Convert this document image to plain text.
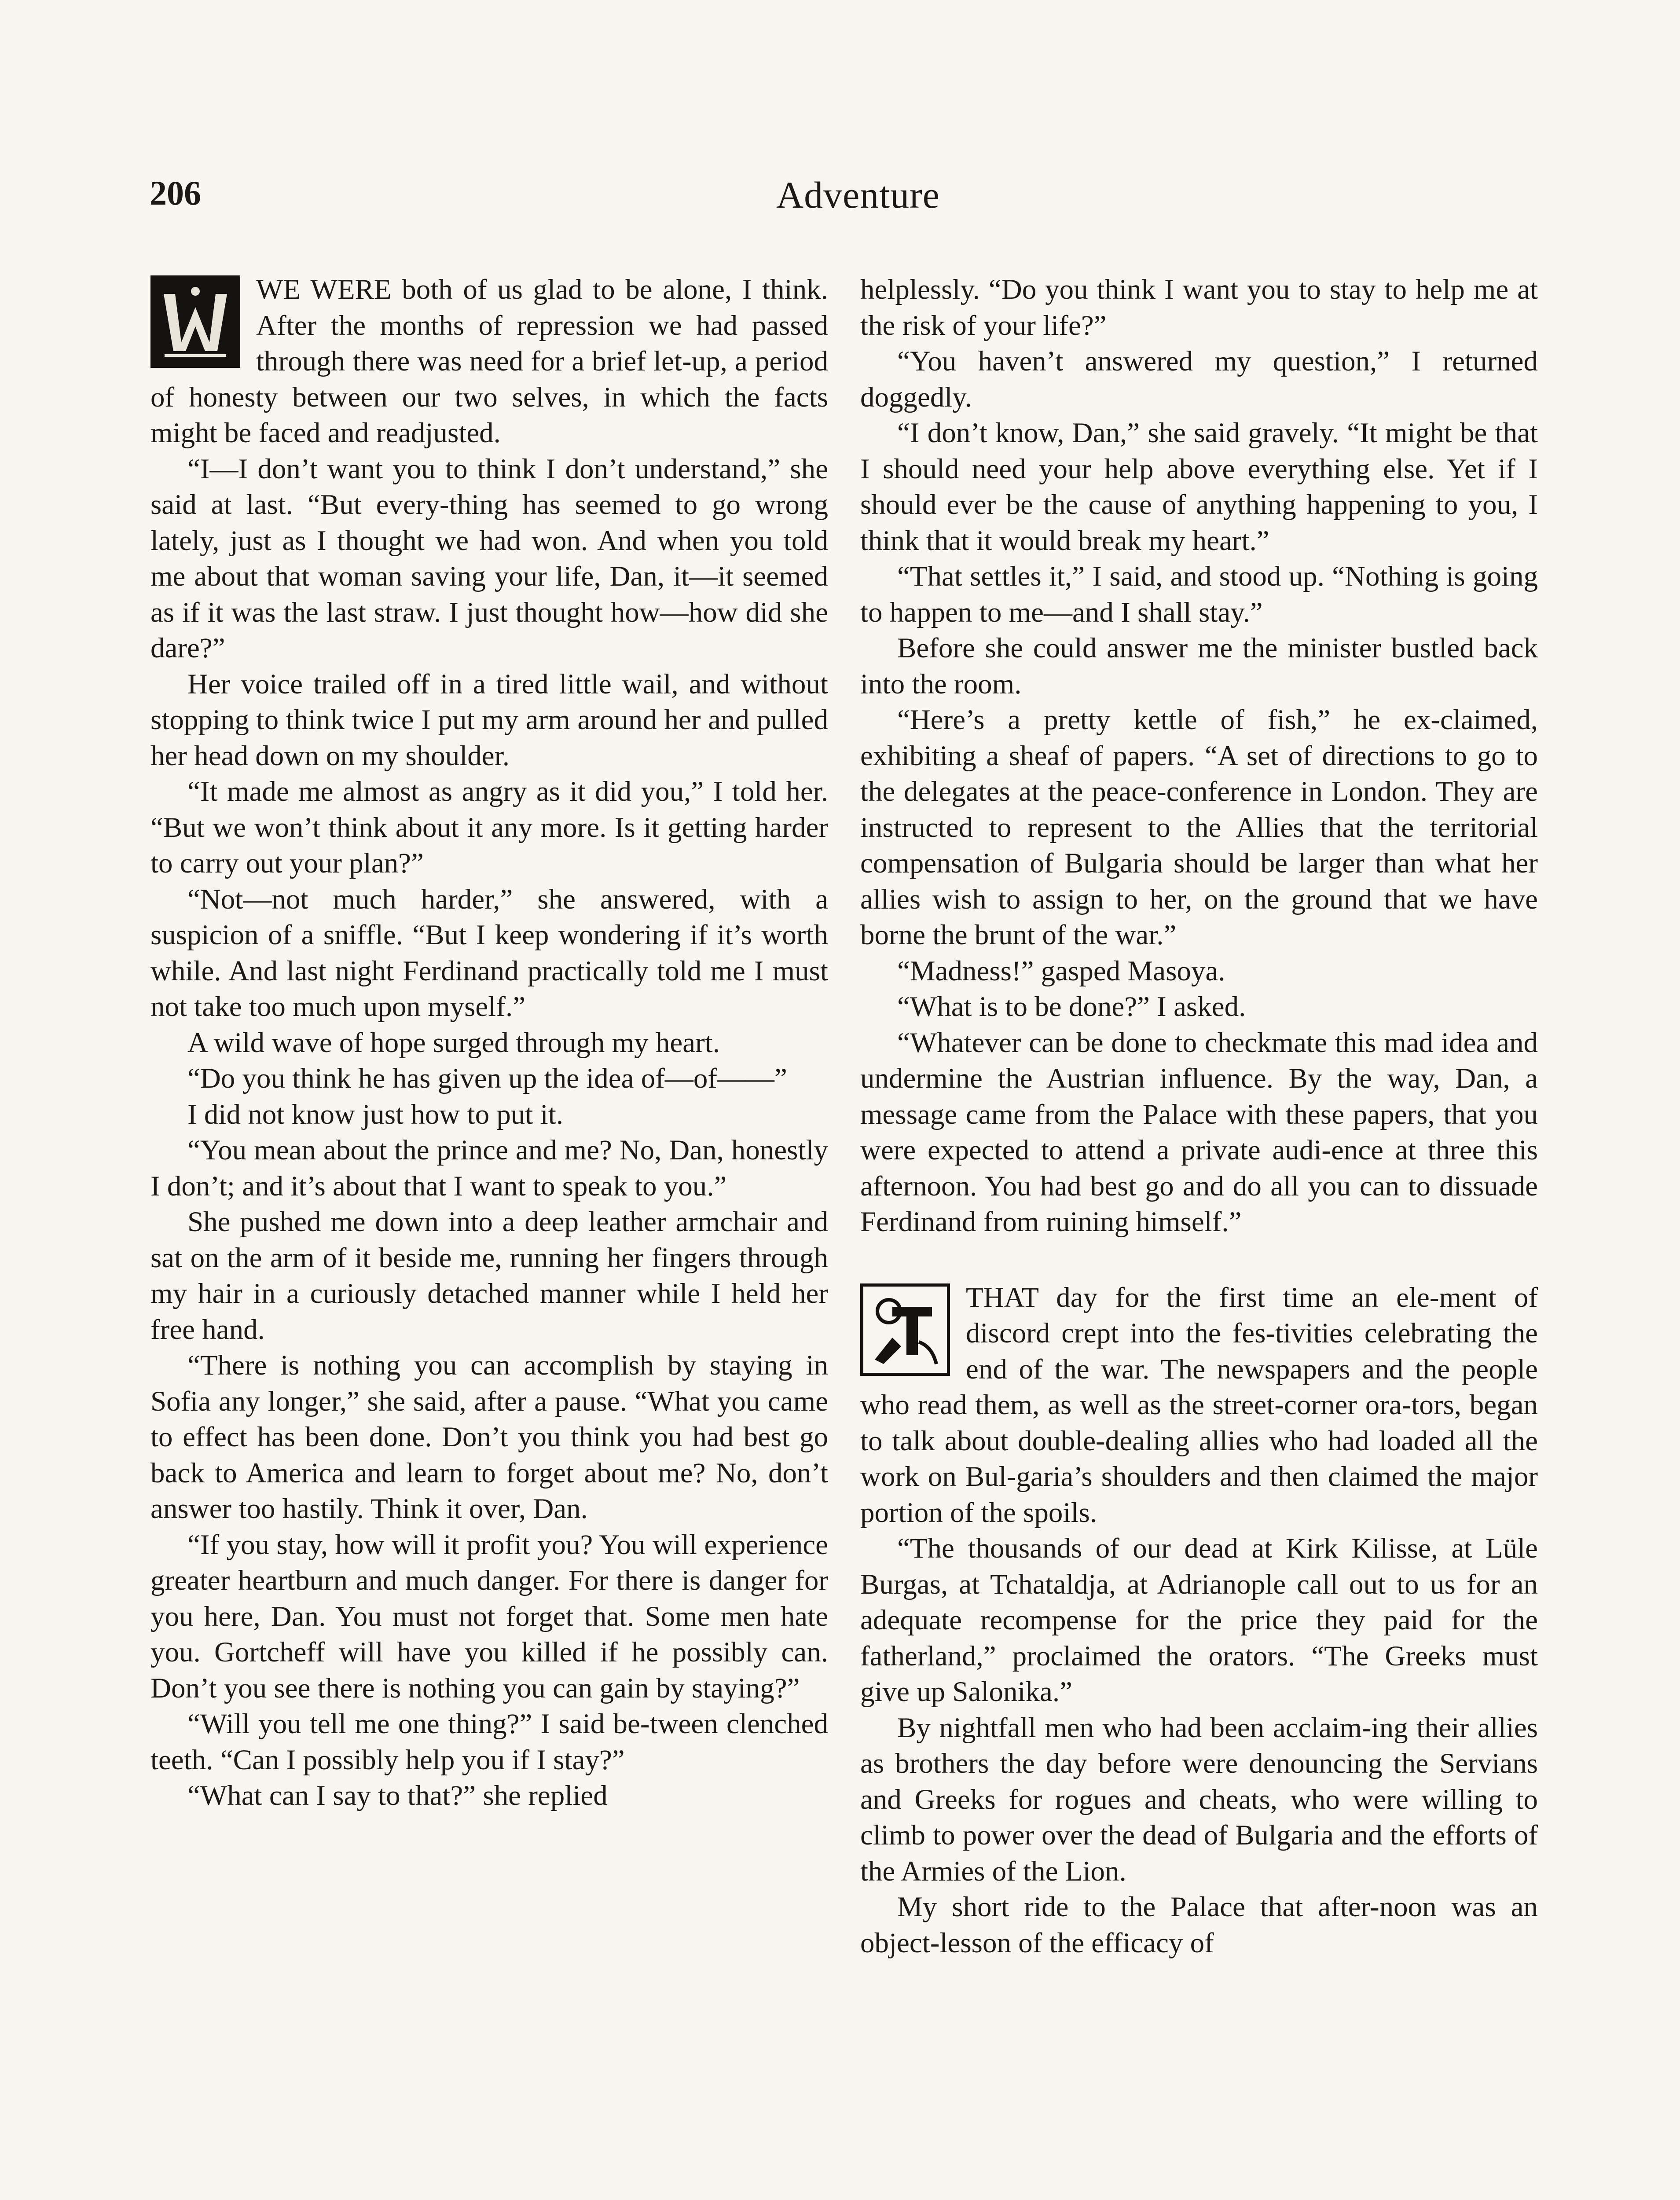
206	Adventure

WE WERE both of us glad to be alone, I think. After the months of repression we had passed through there was need for a brief let-up, a period of honesty between our two selves, in which the facts might be faced and readjusted.

“I—I don’t want you to think I don’t understand,” she said at last. “But every-thing has seemed to go wrong lately, just as I thought we had won. And when you told me about that woman saving your life, Dan, it—it seemed as if it was the last straw. I just thought how—how did she dare?”

Her voice trailed off in a tired little wail, and without stopping to think twice I put my arm around her and pulled her head down on my shoulder.

“It made me almost as angry as it did you,” I told her. “But we won’t think about it any more. Is it getting harder to carry out your plan?”

“Not—not much harder,” she answered, with a suspicion of a sniffle. “But I keep wondering if it’s worth while. And last night Ferdinand practically told me I must not take too much upon myself.”

A wild wave of hope surged through my heart.

“Do you think he has given up the idea of—of——”

I did not know just how to put it.

“You mean about the prince and me? No, Dan, honestly I don’t; and it’s about that I want to speak to you.”

She pushed me down into a deep leather armchair and sat on the arm of it beside me, running her fingers through my hair in a curiously detached manner while I held her free hand.

“There is nothing you can accomplish by staying in Sofia any longer,” she said, after a pause. “What you came to effect has been done. Don’t you think you had best go back to America and learn to forget about me? No, don’t answer too hastily. Think it over, Dan.

“If you stay, how will it profit you? You will experience greater heartburn and much danger. For there is danger for you here, Dan. You must not forget that. Some men hate you. Gortcheff will have you killed if he possibly can. Don’t you see there is nothing you can gain by staying?”

“Will you tell me one thing?” I said be-tween clenched teeth. “Can I possibly help you if I stay?”

“What can I say to that?” she replied

helplessly. “Do you think I want you to stay to help me at the risk of your life?”

“You haven’t answered my question,” I returned doggedly.

“I don’t know, Dan,” she said gravely. “It might be that I should need your help above everything else. Yet if I should ever be the cause of anything happening to you, I think that it would break my heart.”

“That settles it,” I said, and stood up. “Nothing is going to happen to me—and I shall stay.”

Before she could answer me the minister bustled back into the room.

“Here’s a pretty kettle of fish,” he ex-claimed, exhibiting a sheaf of papers. “A set of directions to go to the delegates at the peace-conference in London. They are instructed to represent to the Allies that the territorial compensation of Bulgaria should be larger than what her allies wish to assign to her, on the ground that we have borne the brunt of the war.”

“Madness!” gasped Masoya.

“What is to be done?” I asked.

“Whatever can be done to checkmate this mad idea and undermine the Austrian influence. By the way, Dan, a message came from the Palace with these papers, that you were expected to attend a private audi-ence at three this afternoon. You had best go and do all you can to dissuade Ferdinand from ruining himself.”

THAT day for the first time an ele-ment of discord crept into the fes-tivities celebrating the end of the war. The newspapers and the people who read them, as well as the street-corner ora-tors, began to talk about double-dealing allies who had loaded all the work on Bul-garia’s shoulders and then claimed the major portion of the spoils.

“The thousands of our dead at Kirk Kilisse, at Lüle Burgas, at Tchataldja, at Adrianople call out to us for an adequate recompense for the price they paid for the fatherland,” proclaimed the orators. “The Greeks must give up Salonika.”

By nightfall men who had been acclaim-ing their allies as brothers the day before were denouncing the Servians and Greeks for rogues and cheats, who were willing to climb to power over the dead of Bulgaria and the efforts of the Armies of the Lion.

My short ride to the Palace that after-noon was an object-lesson of the efficacy of
